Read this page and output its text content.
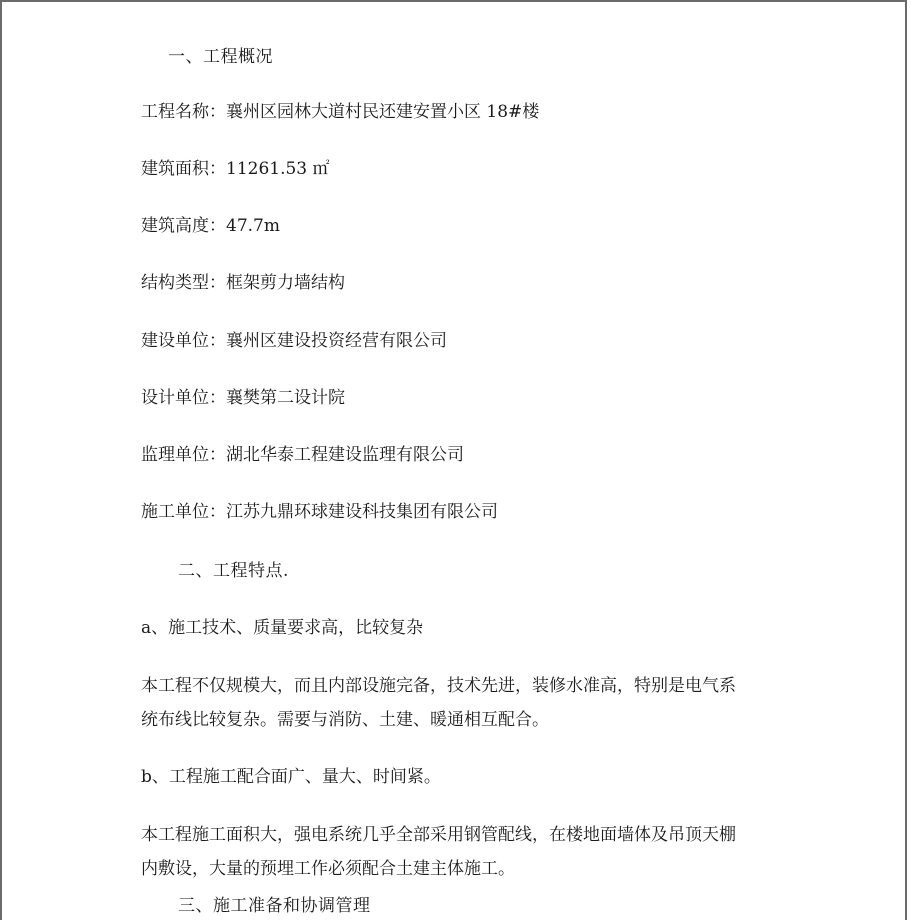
一、工程概况
工程名称：襄州区园林大道村民还建安置小区 18#楼
建筑面积：11261.53 ㎡
建筑高度：47.7m
结构类型：框架剪力墙结构
建设单位：襄州区建设投资经营有限公司
设计单位：襄樊第二设计院
监理单位：湖北华泰工程建设监理有限公司
施工单位：江苏九鼎环球建设科技集团有限公司
二、工程特点.
a、施工技术、质量要求高，比较复杂
本工程不仅规模大，而且内部设施完备，技术先进，装修水准高，特别是电气系
统布线比较复杂。需要与消防、土建、暖通相互配合。
b、工程施工配合面广、量大、时间紧。
本工程施工面积大，强电系统几乎全部采用钢管配线，在楼地面墙体及吊顶天棚
内敷设，大量的预埋工作必须配合土建主体施工。
三、施工准备和协调管理
